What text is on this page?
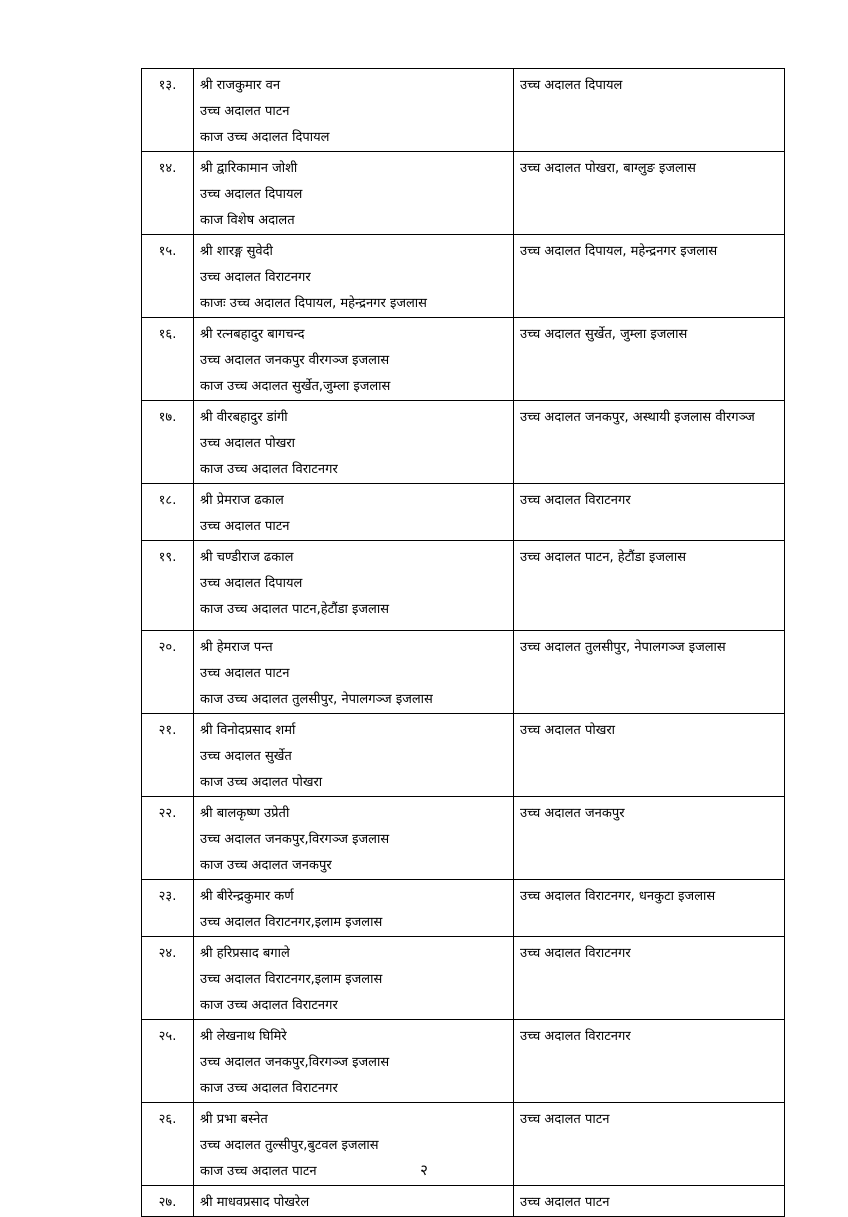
१३.	श्री राजकुमार वन
उच्च अदालत पाटन
काज उच्च अदालत दिपायल	उच्च अदालत दिपायल

१४.	श्री द्वारिकामान जोशी
उच्च अदालत दिपायल
काज विशेष अदालत	उच्च अदालत पोखरा, बाग्लुङ इजलास

१५.	श्री शारङ्ग सुवेदी
उच्च अदालत विराटनगर
काजः उच्च अदालत दिपायल, महेन्द्रनगर इजलास	उच्च अदालत दिपायल, महेन्द्रनगर इजलास

१६.	श्री रत्नबहादुर बागचन्द
उच्च अदालत जनकपुर वीरगञ्ज इजलास
काज उच्च अदालत सुर्खेत,जुम्ला इजलास	उच्च अदालत सुर्खेत, जुम्ला इजलास

१७.	श्री वीरबहादुर डांगी
उच्च अदालत पोखरा
काज उच्च अदालत विराटनगर	उच्च अदालत जनकपुर, अस्थायी इजलास वीरगञ्ज

१८.	श्री प्रेमराज ढकाल
उच्च अदालत पाटन	उच्च अदालत विराटनगर

१९.	श्री चण्डीराज ढकाल
उच्च अदालत दिपायल
काज उच्च अदालत पाटन,हेटौंडा इजलास	उच्च अदालत पाटन, हेटौंडा इजलास

२०.	श्री हेमराज पन्त
उच्च अदालत पाटन
काज उच्च अदालत तुलसीपुर, नेपालगञ्ज इजलास	उच्च अदालत तुलसीपुर, नेपालगञ्ज इजलास

२१.	श्री विनोदप्रसाद शर्मा
उच्च अदालत सुर्खेत
काज उच्च अदालत पोखरा	उच्च अदालत पोखरा

२२.	श्री बालकृष्ण उप्रेती
उच्च अदालत जनकपुर,विरगञ्ज इजलास
काज उच्च अदालत जनकपुर	उच्च अदालत जनकपुर

२३.	श्री बीरेन्द्रकुमार कर्ण
उच्च अदालत विराटनगर,इलाम इजलास	उच्च अदालत विराटनगर, धनकुटा इजलास

२४.	श्री हरिप्रसाद बगाले
उच्च अदालत विराटनगर,इलाम इजलास
काज उच्च अदालत विराटनगर	उच्च अदालत विराटनगर

२५.	श्री लेखनाथ घिमिरे
उच्च अदालत जनकपुर,विरगञ्ज इजलास
काज उच्च अदालत विराटनगर	उच्च अदालत विराटनगर

२६.	श्री प्रभा बस्नेत
उच्च अदालत तुल्सीपुर,बुटवल इजलास
काज उच्च अदालत पाटन	उच्च अदालत पाटन

२७.	श्री माधवप्रसाद पोखरेल	उच्च अदालत पाटन
२
